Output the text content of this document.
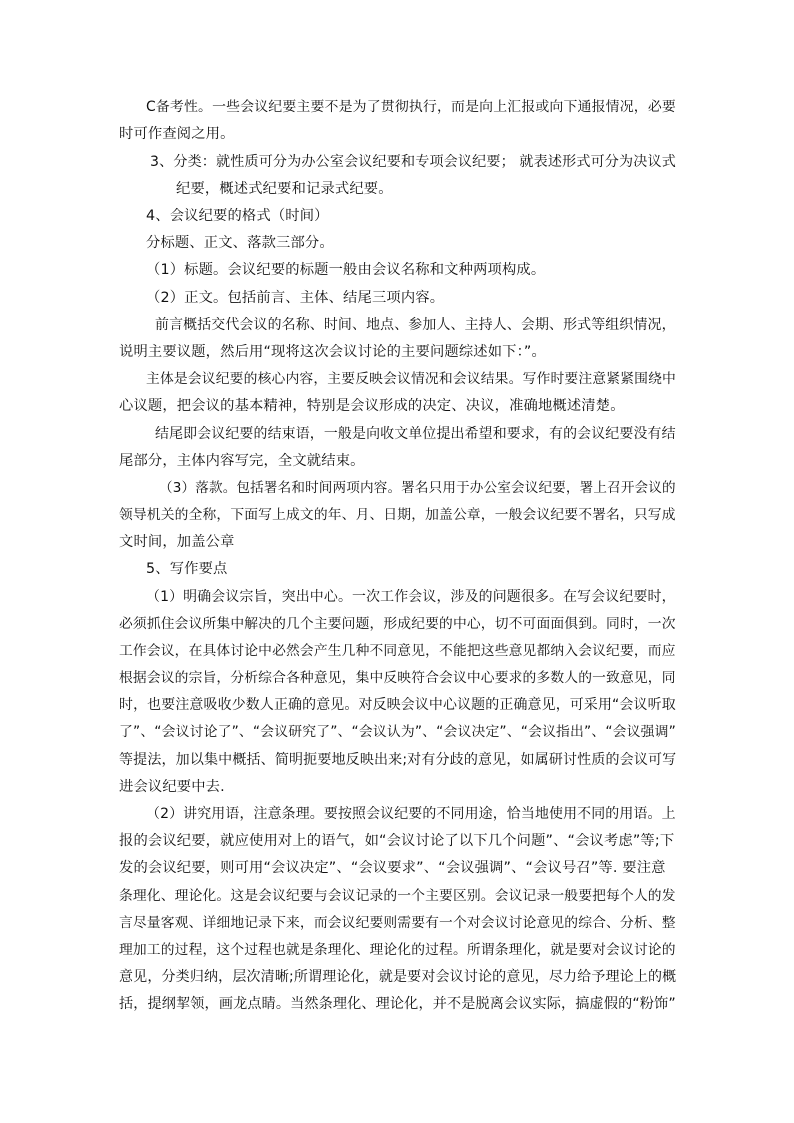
C备考性。一些会议纪要主要不是为了贯彻执行，而是向上汇报或向下通报情况，必要
时可作查阅之用。
3、分类：就性质可分为办公室会议纪要和专项会议纪要； 就表述形式可分为决议式
纪要，概述式纪要和记录式纪要。
4、会议纪要的格式（时间）
分标题、正文、落款三部分。
（1）标题。会议纪要的标题一般由会议名称和文种两项构成。
（2）正文。包括前言、主体、结尾三项内容。
前言概括交代会议的名称、时间、地点、参加人、主持人、会期、形式等组织情况，
说明主要议题，然后用“现将这次会议讨论的主要问题综述如下：”。
主体是会议纪要的核心内容，主要反映会议情况和会议结果。写作时要注意紧紧围绕中
心议题，把会议的基本精神，特别是会议形成的决定、决议，准确地概述清楚。
结尾即会议纪要的结束语，一般是向收文单位提出希望和要求，有的会议纪要没有结
尾部分，主体内容写完，全文就结束。
（3）落款。包括署名和时间两项内容。署名只用于办公室会议纪要，署上召开会议的
领导机关的全称，下面写上成文的年、月、日期，加盖公章，一般会议纪要不署名，只写成
文时间，加盖公章
5、写作要点
（1）明确会议宗旨，突出中心。一次工作会议，涉及的问题很多。在写会议纪要时，
必须抓住会议所集中解决的几个主要问题，形成纪要的中心，切不可面面俱到。同时，一次
工作会议，在具体讨论中必然会产生几种不同意见，不能把这些意见都纳入会议纪要，而应
根据会议的宗旨，分析综合各种意见，集中反映符合会议中心要求的多数人的一致意见，同
时，也要注意吸收少数人正确的意见。对反映会议中心议题的正确意见，可采用“会议听取
了”、“会议讨论了”、“会议研究了”、“会议认为”、“会议决定”、“会议指出”、“会议强调”
等提法，加以集中概括、简明扼要地反映出来;对有分歧的意见，如属研讨性质的会议可写
进会议纪要中去.
（2）讲究用语，注意条理。要按照会议纪要的不同用途，恰当地使用不同的用语。上
报的会议纪要，就应使用对上的语气，如“会议讨论了以下几个问题”、“会议考虑”等;下
发的会议纪要，则可用“会议决定”、“会议要求”、“会议强调”、“会议号召”等. 要注意
条理化、理论化。这是会议纪要与会议记录的一个主要区别。会议记录一般要把每个人的发
言尽量客观、详细地记录下来，而会议纪要则需要有一个对会议讨论意见的综合、分析、整
理加工的过程，这个过程也就是条理化、理论化的过程。所谓条理化，就是要对会议讨论的
意见，分类归纳，层次清晰;所谓理论化，就是要对会议讨论的意见，尽力给予理论上的概
括，提纲挈领，画龙点睛。当然条理化、理论化，并不是脱离会议实际，搞虚假的“粉饰”
